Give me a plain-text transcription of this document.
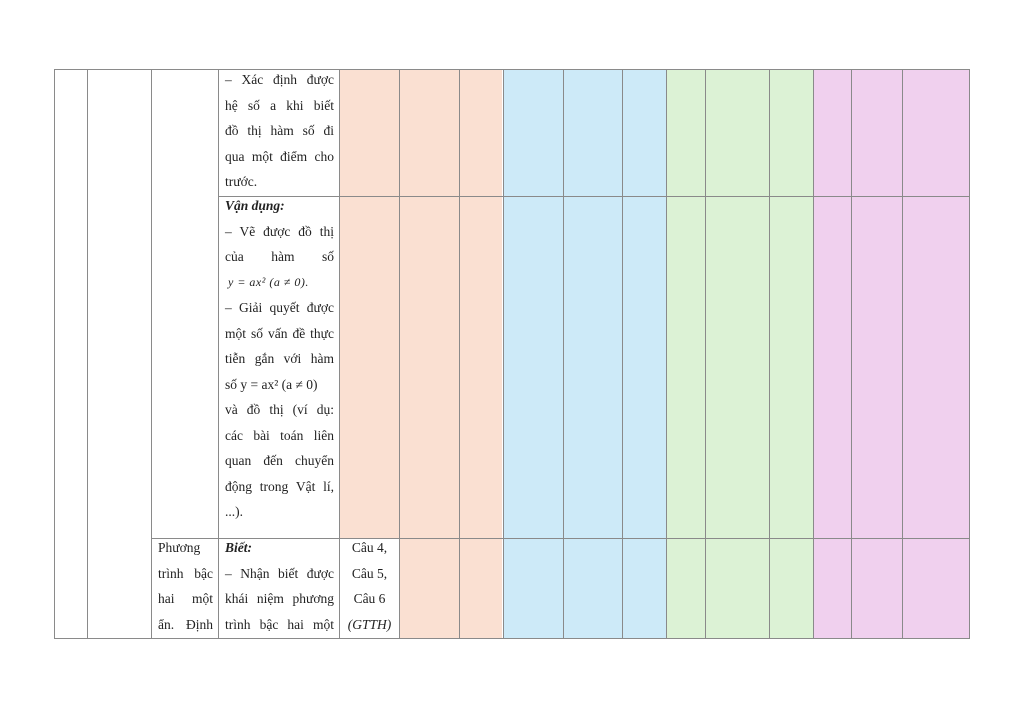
– Xác định được
hệ số a khi biết
đồ thị hàm số đi
qua một điểm cho
trước.
Vận dụng:
– Vẽ được đồ thị
của hàm số
y = ax² (a ≠ 0).
– Giải quyết được
một số vấn đề thực
tiễn gắn với hàm
số y = ax² (a ≠ 0)
và đồ thị (ví dụ:
các bài toán liên
quan đến chuyển
động trong Vật lí,
...).
Phương
trình bậc
hai một
ẩn. Định
Biết:
– Nhận biết được
khái niệm phương
trình bậc hai một
Câu 4,
Câu 5,
Câu 6
(GTTH)
